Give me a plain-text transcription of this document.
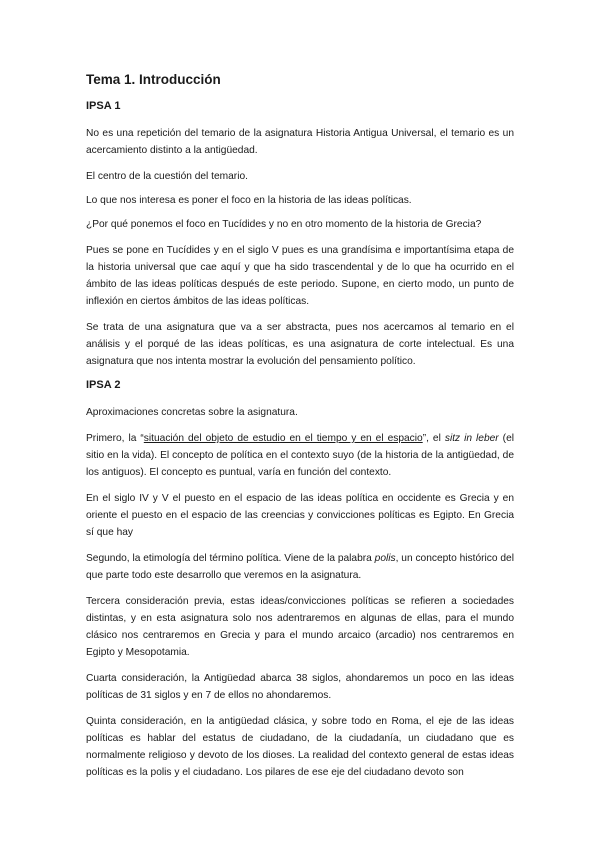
Tema 1. Introducción
IPSA 1

No es una repetición del temario de la asignatura Historia Antigua Universal, el temario es un acercamiento distinto a la antigüedad.

El centro de la cuestión del temario.

Lo que nos interesa es poner el foco en la historia de las ideas políticas.

¿Por qué ponemos el foco en Tucídides y no en otro momento de la historia de Grecia?

Pues se pone en Tucídides y en el siglo V pues es una grandísima e importantísima etapa de la historia universal que cae aquí y que ha sido trascendental y de lo que ha ocurrido en el ámbito de las ideas políticas después de este periodo. Supone, en cierto modo, un punto de inflexión en ciertos ámbitos de las ideas políticas.

Se trata de una asignatura que va a ser abstracta, pues nos acercamos al temario en el análisis y el porqué de las ideas políticas, es una asignatura de corte intelectual. Es una asignatura que nos intenta mostrar la evolución del pensamiento político.

IPSA 2

Aproximaciones concretas sobre la asignatura.

Primero, la “situación del objeto de estudio en el tiempo y en el espacio”, el sitz in leber (el sitio en la vida). El concepto de política en el contexto suyo (de la historia de la antigüedad, de los antiguos). El concepto es puntual, varía en función del contexto.

En el siglo IV y V el puesto en el espacio de las ideas política en occidente es Grecia y en oriente el puesto en el espacio de las creencias y convicciones políticas es Egipto. En Grecia sí que hay

Segundo, la etimología del término política. Viene de la palabra polis, un concepto histórico del que parte todo este desarrollo que veremos en la asignatura.

Tercera consideración previa, estas ideas/convicciones políticas se refieren a sociedades distintas, y en esta asignatura solo nos adentraremos en algunas de ellas, para el mundo clásico nos centraremos en Grecia y para el mundo arcaico (arcadio) nos centraremos en Egipto y Mesopotamia.

Cuarta consideración, la Antigüedad abarca 38 siglos, ahondaremos un poco en las ideas políticas de 31 siglos y en 7 de ellos no ahondaremos.

Quinta consideración, en la antigüedad clásica, y sobre todo en Roma, el eje de las ideas políticas es hablar del estatus de ciudadano, de la ciudadanía, un ciudadano que es normalmente religioso y devoto de los dioses. La realidad del contexto general de estas ideas políticas es la polis y el ciudadano. Los pilares de ese eje del ciudadano devoto son
